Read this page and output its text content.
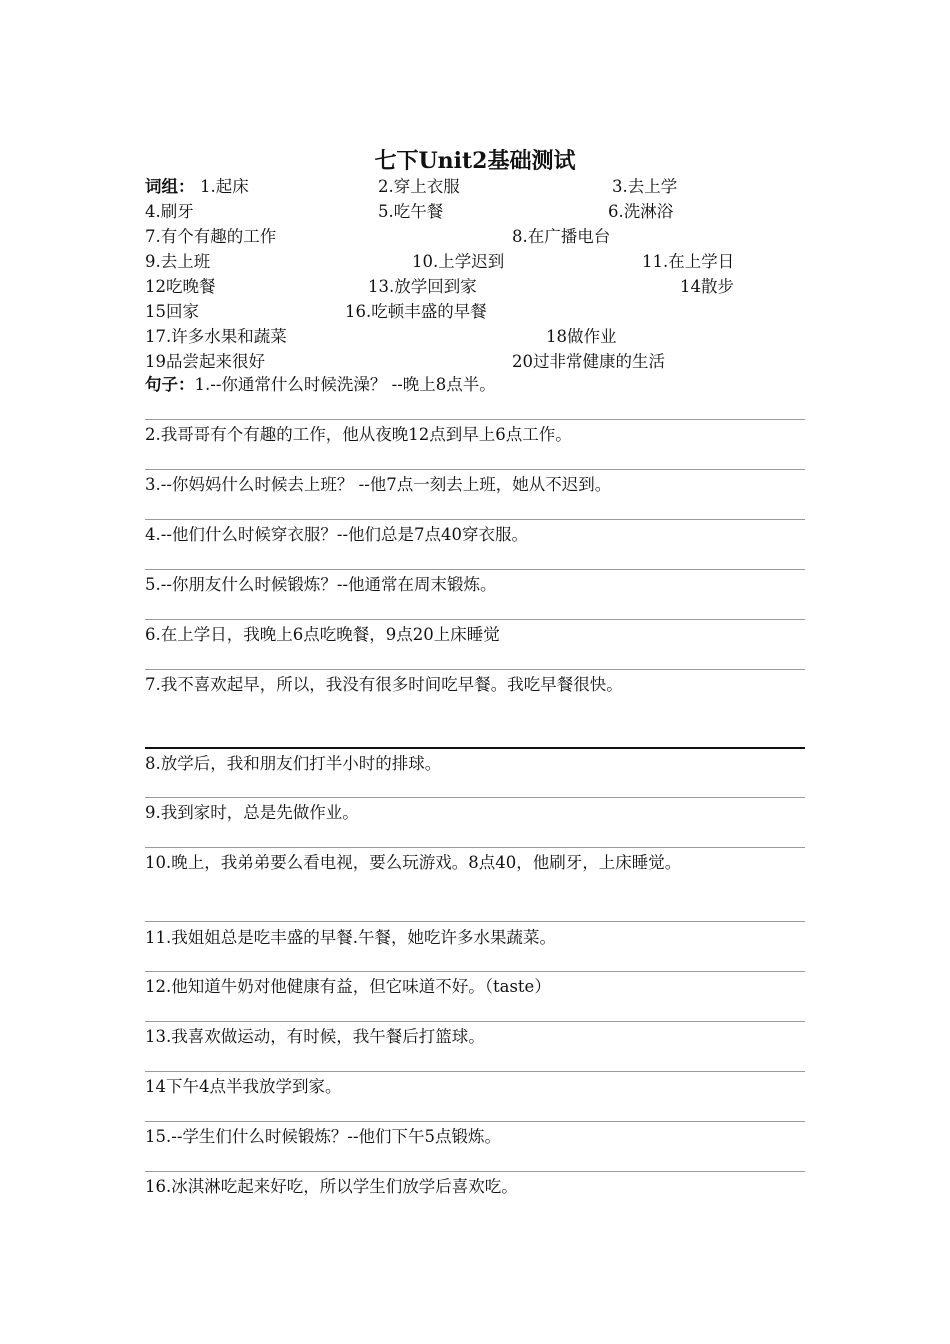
七下Unit2基础测试
词组： 1.起床	2.穿上衣服	3.去上学
4.刷牙	5.吃午餐	6.洗淋浴
7.有个有趣的工作	8.在广播电台
9.去上班	10.上学迟到	11.在上学日
12吃晚餐	13.放学回到家	14散步
15回家	16.吃顿丰盛的早餐
17.许多水果和蔬菜	18做作业
19品尝起来很好	20过非常健康的生活
句子：1.--你通常什么时候洗澡？ --晚上8点半。
2.我哥哥有个有趣的工作，他从夜晚12点到早上6点工作。
3.--你妈妈什么时候去上班？ --他7点一刻去上班，她从不迟到。
4.--他们什么时候穿衣服？--他们总是7点40穿衣服。
5.--你朋友什么时候锻炼？--他通常在周末锻炼。
6.在上学日，我晚上6点吃晚餐，9点20上床睡觉
7.我不喜欢起早，所以，我没有很多时间吃早餐。我吃早餐很快。
8.放学后，我和朋友们打半小时的排球。
9.我到家时，总是先做作业。
10.晚上，我弟弟要么看电视，要么玩游戏。8点40，他刷牙，上床睡觉。
11.我姐姐总是吃丰盛的早餐.午餐，她吃许多水果蔬菜。
12.他知道牛奶对他健康有益，但它味道不好。（taste）
13.我喜欢做运动，有时候，我午餐后打篮球。
14下午4点半我放学到家。
15.--学生们什么时候锻炼？--他们下午5点锻炼。
16.冰淇淋吃起来好吃，所以学生们放学后喜欢吃。
